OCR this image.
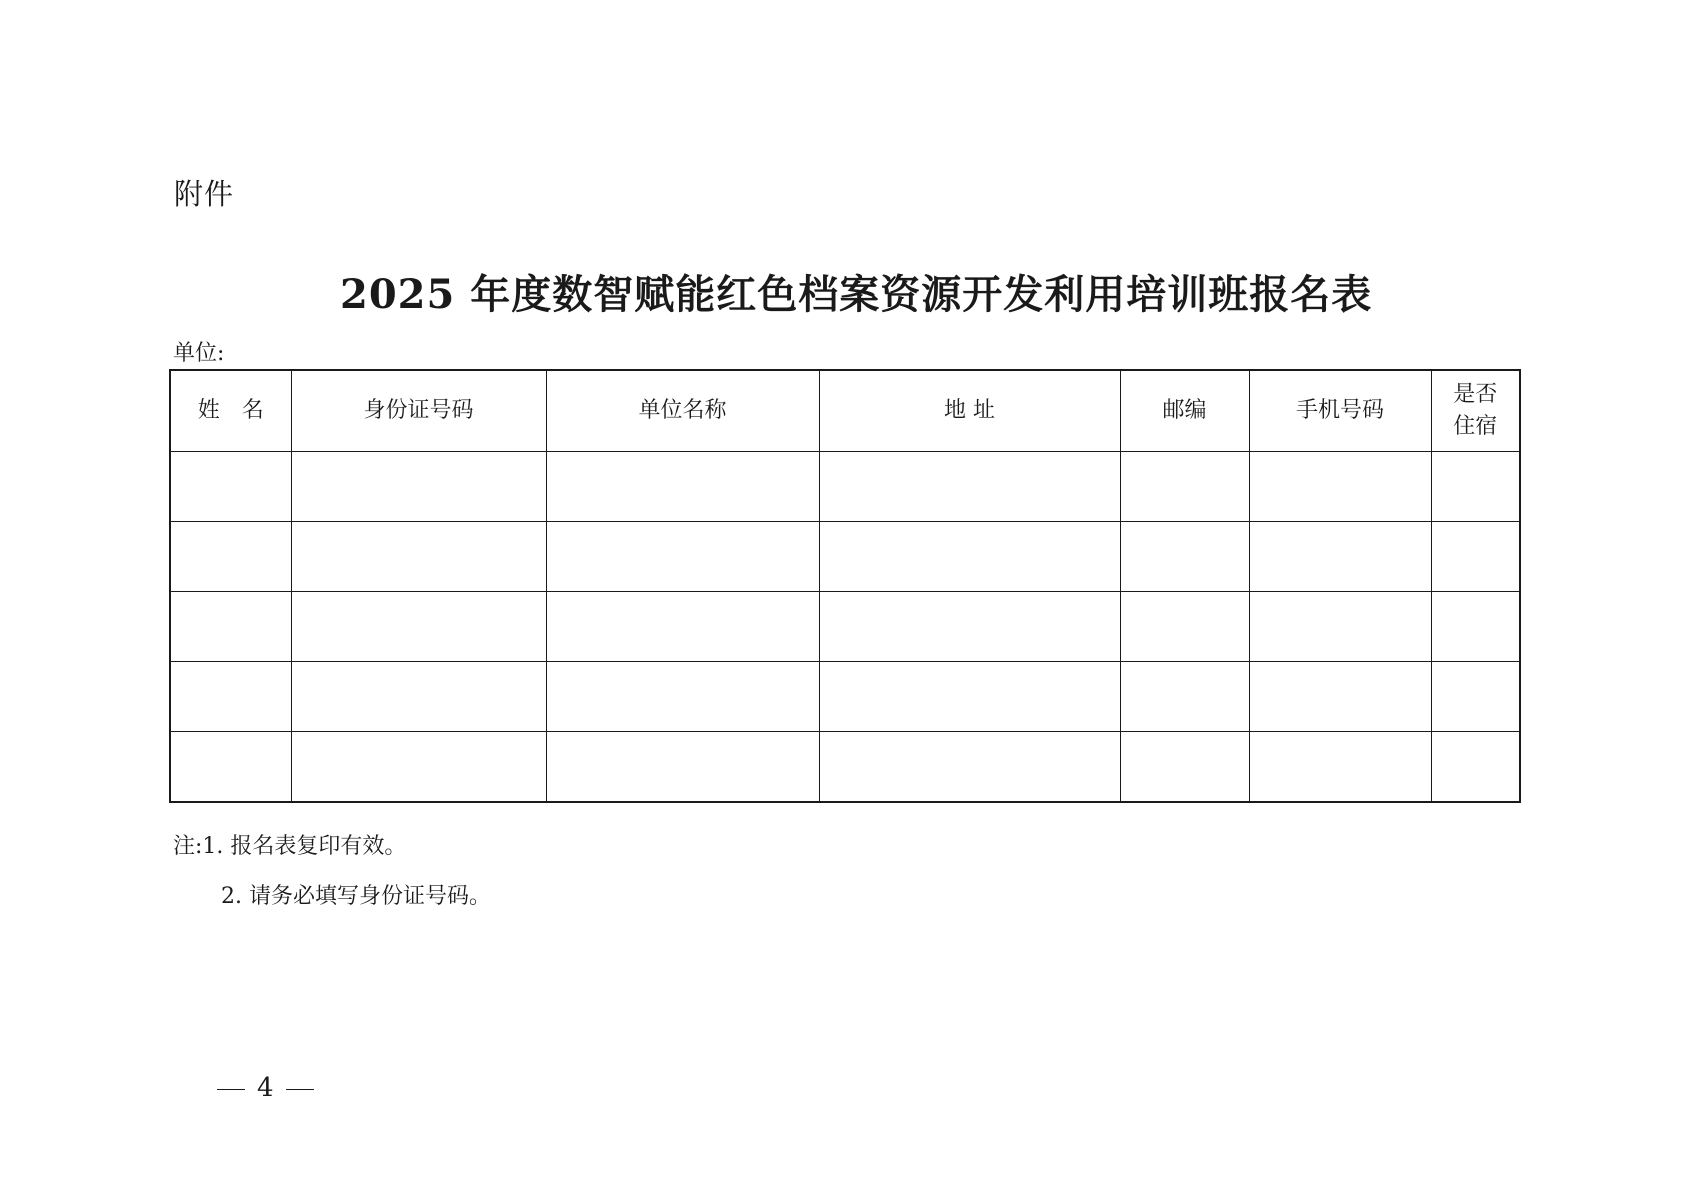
附件
2025 年度数智赋能红色档案资源开发利用培训班报名表
单位:
姓　名	身份证号码	单位名称	地 址	邮编	手机号码	是否
住宿

注:1. 报名表复印有效。
2. 请务必填写身份证号码。
4
